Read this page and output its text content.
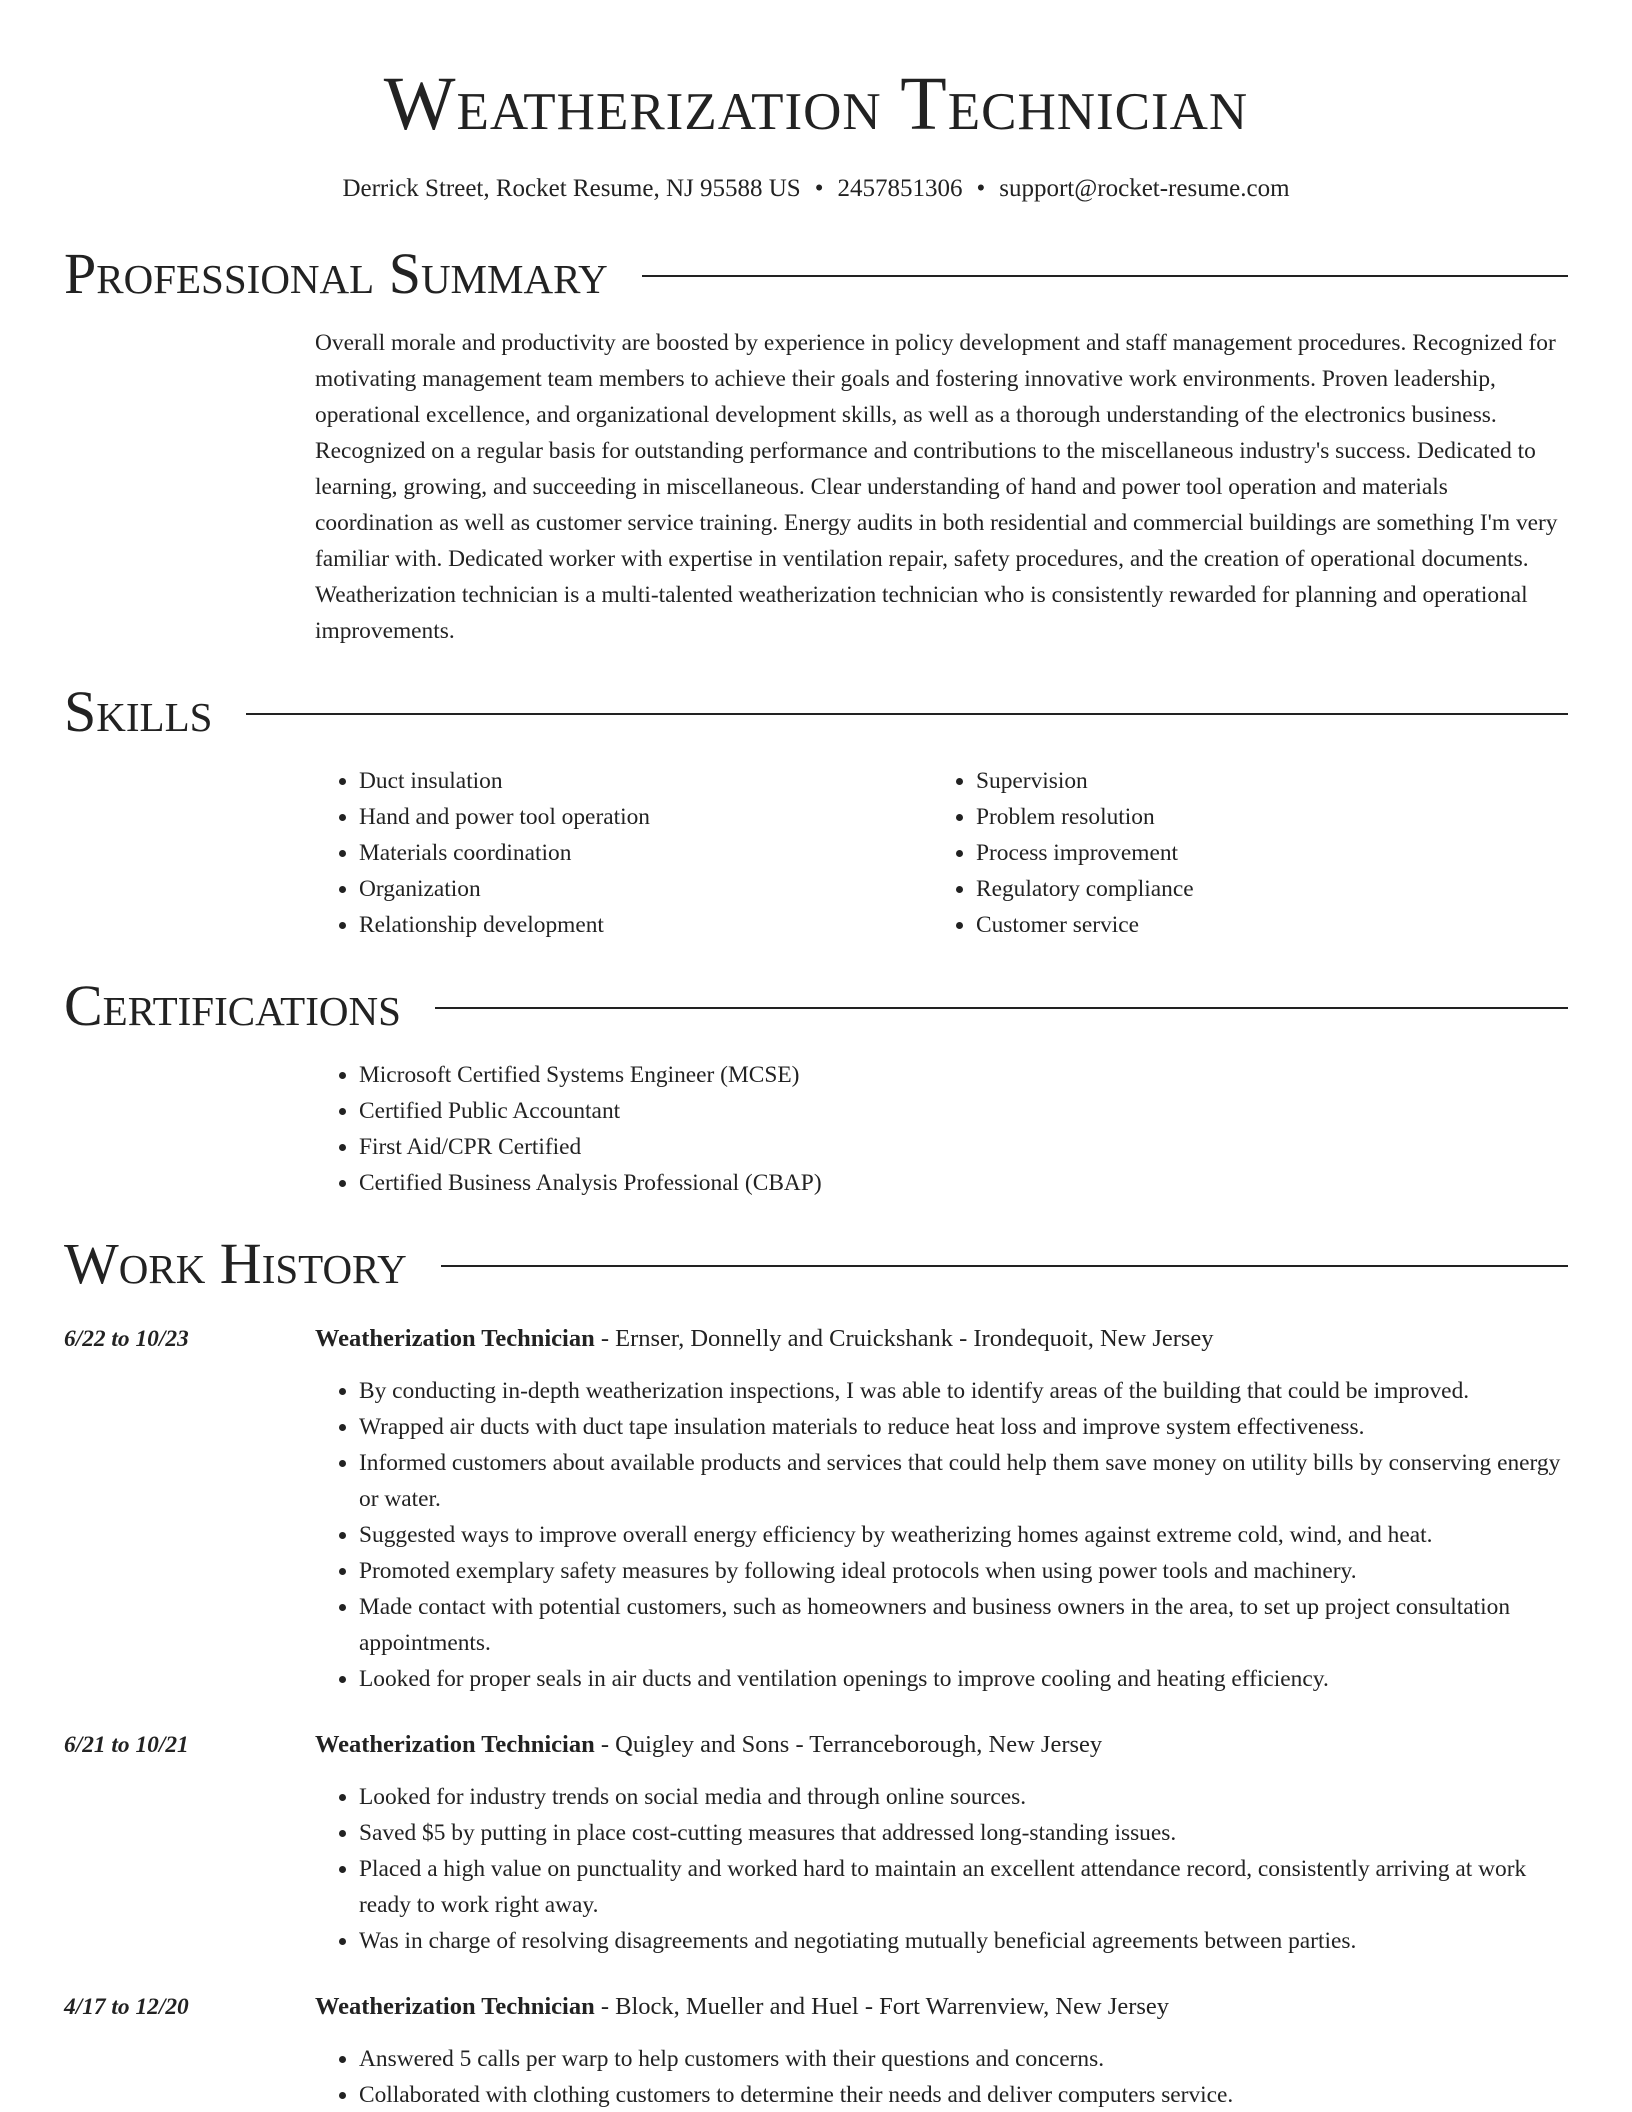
Weatherization Technician
Derrick Street, Rocket Resume, NJ 95588 US • 2457851306 • support@rocket-resume.com
Professional Summary

Overall morale and productivity are boosted by experience in policy development and staff management procedures. Recognized for motivating management team members to achieve their goals and fostering innovative work environments. Proven leadership, operational excellence, and organizational development skills, as well as a thorough understanding of the electronics business. Recognized on a regular basis for outstanding performance and contributions to the miscellaneous industry's success. Dedicated to learning, growing, and succeeding in miscellaneous. Clear understanding of hand and power tool operation and materials coordination as well as customer service training. Energy audits in both residential and commercial buildings are something I'm very familiar with. Dedicated worker with expertise in ventilation repair, safety procedures, and the creation of operational documents. Weatherization technician is a multi-talented weatherization technician who is consistently rewarded for planning and operational improvements.

Skills
• Duct insulation
• Hand and power tool operation
• Materials coordination
• Organization
• Relationship development
• Supervision
• Problem resolution
• Process improvement
• Regulatory compliance
• Customer service
Certifications
• Microsoft Certified Systems Engineer (MCSE)
• Certified Public Accountant
• First Aid/CPR Certified
• Certified Business Analysis Professional (CBAP)
Work History
6/22 to 10/23	Weatherization Technician - Ernser, Donnelly and Cruickshank - Irondequoit, New Jersey
• By conducting in-depth weatherization inspections, I was able to identify areas of the building that could be improved.
• Wrapped air ducts with duct tape insulation materials to reduce heat loss and improve system effectiveness.
• Informed customers about available products and services that could help them save money on utility bills by conserving energy or water.
• Suggested ways to improve overall energy efficiency by weatherizing homes against extreme cold, wind, and heat.
• Promoted exemplary safety measures by following ideal protocols when using power tools and machinery.
• Made contact with potential customers, such as homeowners and business owners in the area, to set up project consultation appointments.
• Looked for proper seals in air ducts and ventilation openings to improve cooling and heating efficiency.
6/21 to 10/21	Weatherization Technician - Quigley and Sons - Terranceborough, New Jersey
• Looked for industry trends on social media and through online sources.
• Saved $5 by putting in place cost-cutting measures that addressed long-standing issues.
• Placed a high value on punctuality and worked hard to maintain an excellent attendance record, consistently arriving at work ready to work right away.
• Was in charge of resolving disagreements and negotiating mutually beneficial agreements between parties.
4/17 to 12/20	Weatherization Technician - Block, Mueller and Huel - Fort Warrenview, New Jersey
• Answered 5 calls per warp to help customers with their questions and concerns.
• Collaborated with clothing customers to determine their needs and deliver computers service.
